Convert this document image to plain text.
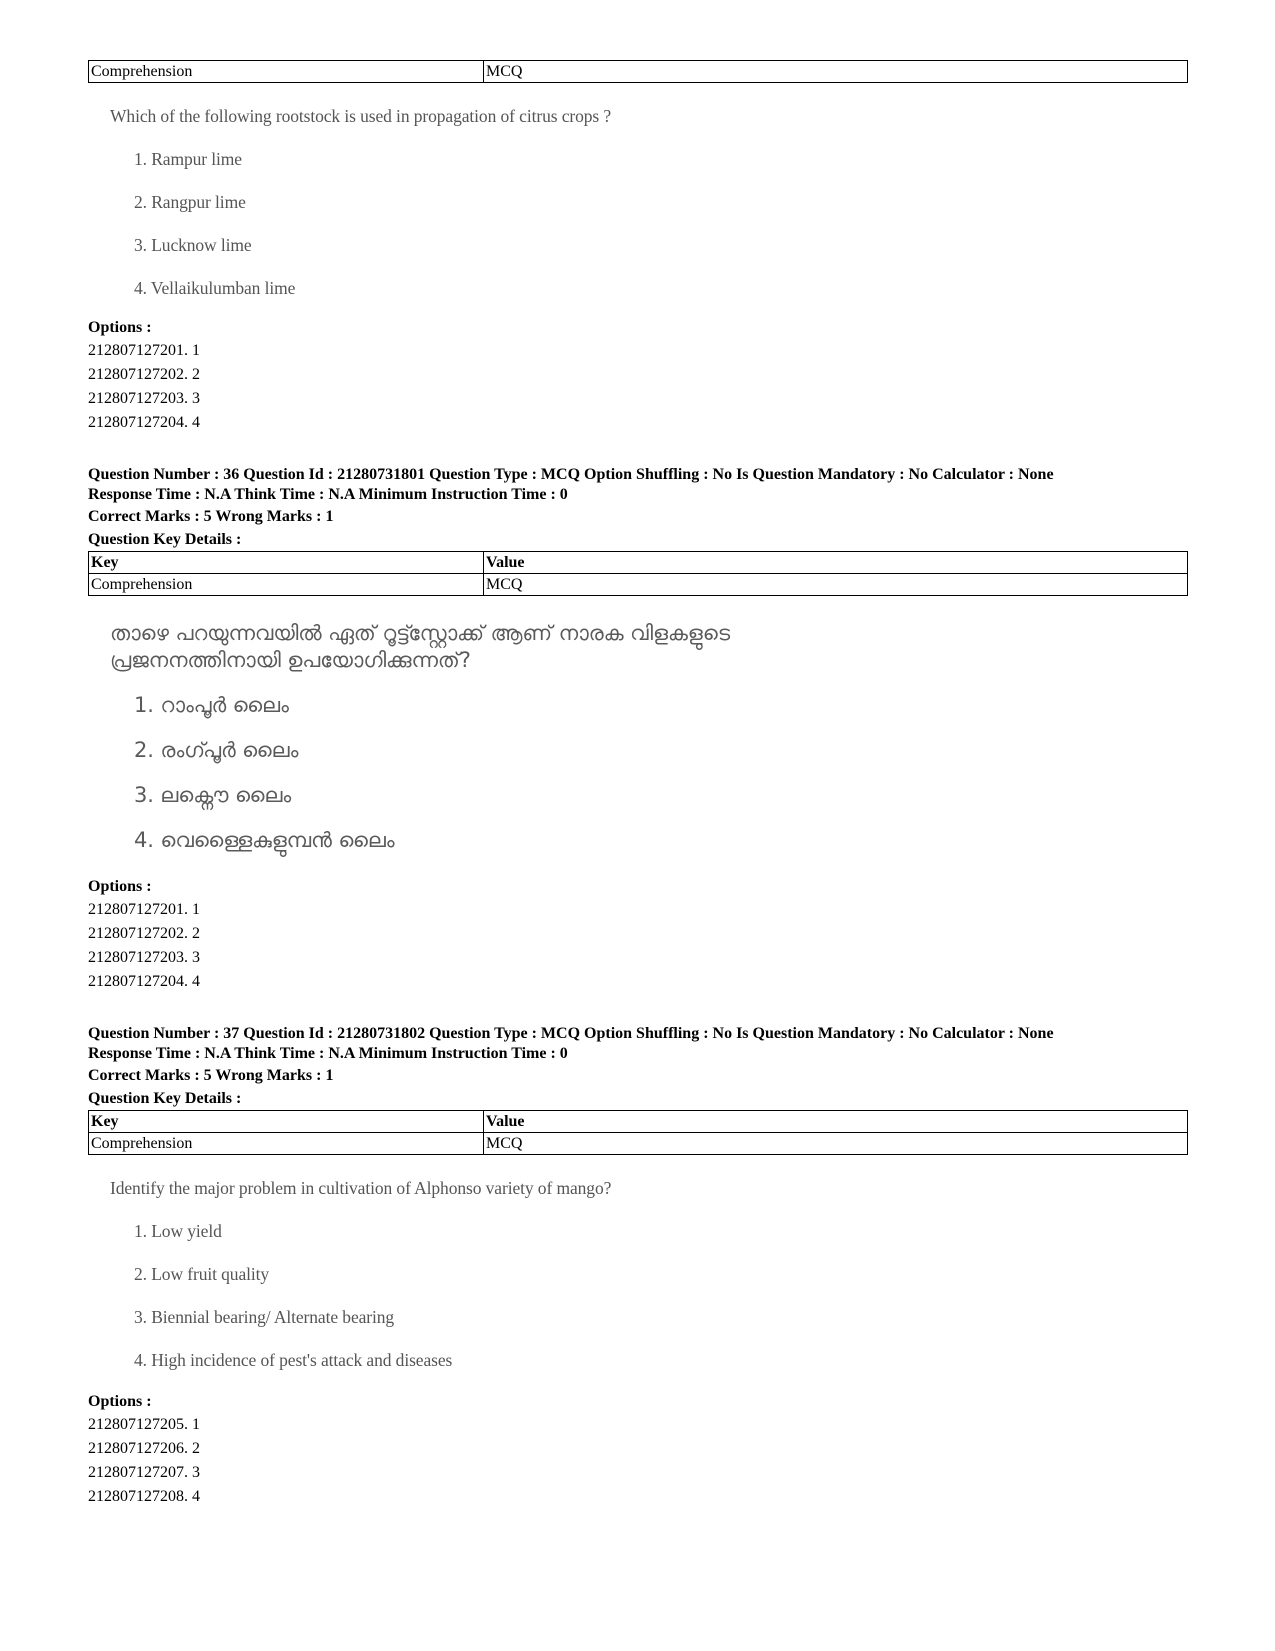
Comprehension	MCQ

Which of the following rootstock is used in propagation of citrus crops ?

1. Rampur lime

2. Rangpur lime

3. Lucknow lime

4. Vellaikulumban lime

Options :
212807127201. 1
212807127202. 2
212807127203. 3
212807127204. 4
Question Number : 36 Question Id : 21280731801 Question Type : MCQ Option Shuffling : No Is Question Mandatory : No Calculator : None
Response Time : N.A Think Time : N.A Minimum Instruction Time : 0
Correct Marks : 5 Wrong Marks : 1
Question Key Details :
Key	Value
Comprehension	MCQ

താഴെ പറയുന്നവയിൽ ഏത് റൂട്ട്സ്റ്റോക്ക് ആണ് നാരക വിളകളുടെ

പ്രജനനത്തിനായി ഉപയോഗിക്കുന്നത്?

1. റാംപൂർ ലൈം

2. രംഗ്പൂർ ലൈം

3. ലക്നൌ ലൈം

4. വെള്ളൈകുളുമ്പൻ ലൈം

Options :
212807127201. 1
212807127202. 2
212807127203. 3
212807127204. 4
Question Number : 37 Question Id : 21280731802 Question Type : MCQ Option Shuffling : No Is Question Mandatory : No Calculator : None
Response Time : N.A Think Time : N.A Minimum Instruction Time : 0
Correct Marks : 5 Wrong Marks : 1
Question Key Details :
Key	Value
Comprehension	MCQ

Identify the major problem in cultivation of Alphonso variety of mango?

1. Low yield

2. Low fruit quality

3. Biennial bearing/ Alternate bearing

4. High incidence of pest's attack and diseases

Options :
212807127205. 1
212807127206. 2
212807127207. 3
212807127208. 4
